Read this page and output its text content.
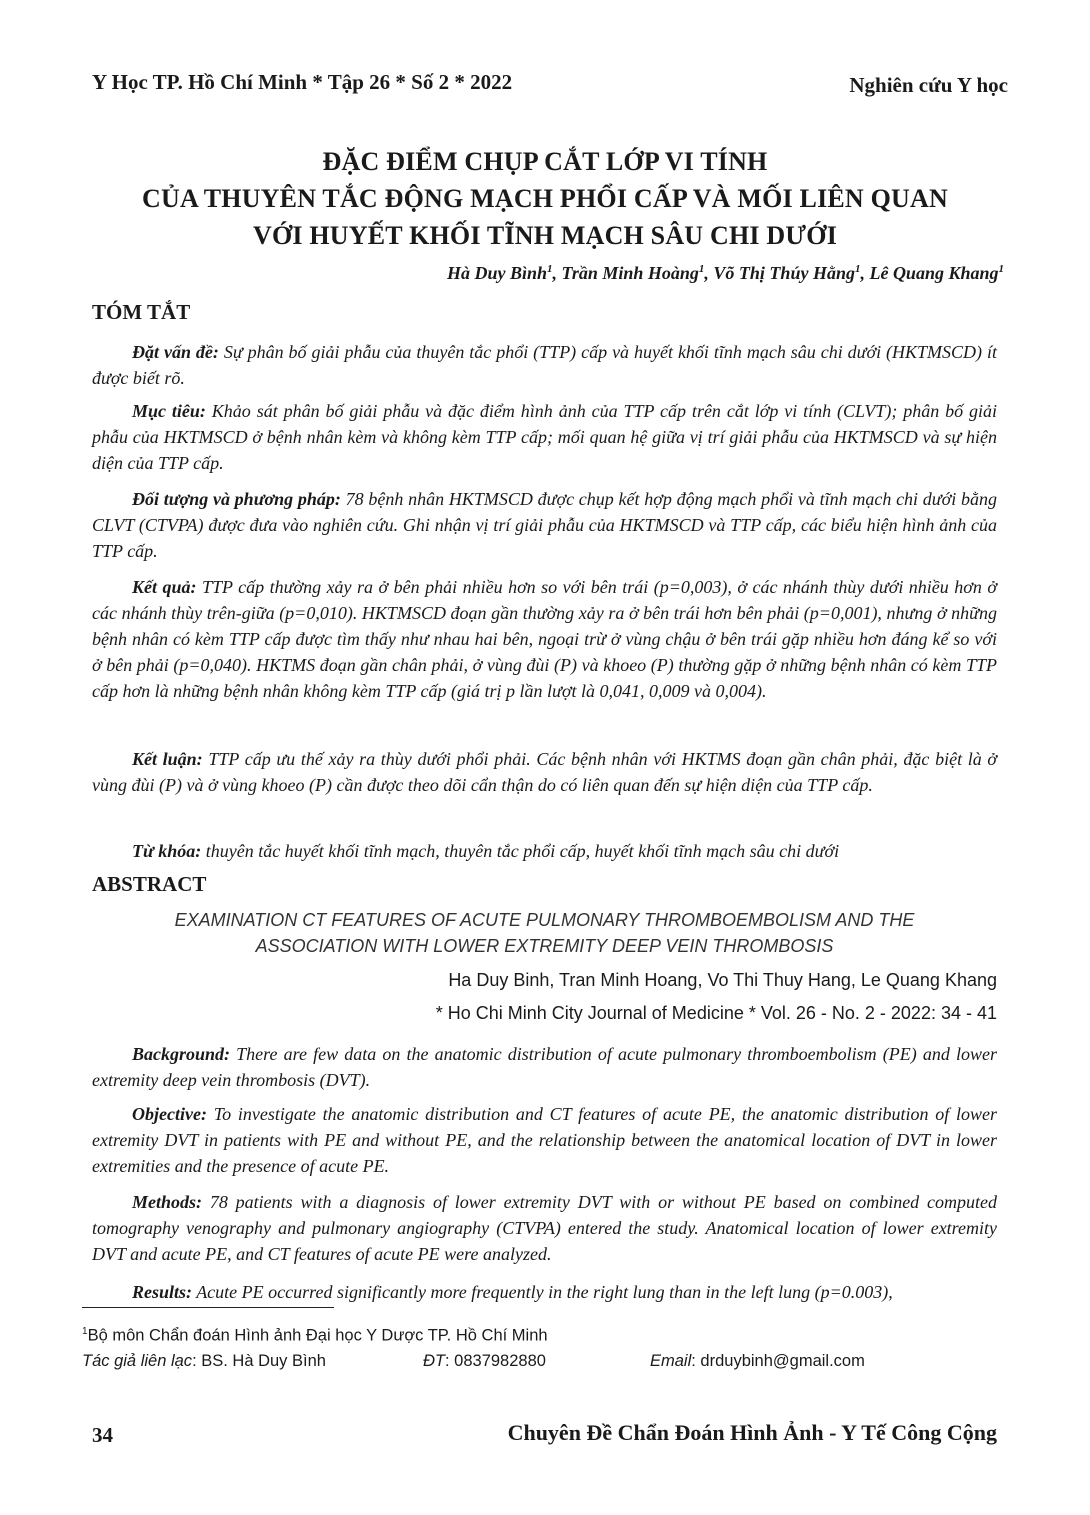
Y Học TP. Hồ Chí Minh * Tập 26 * Số 2 * 2022	Nghiên cứu Y học
ĐẶC ĐIỂM CHỤP CẮT LỚP VI TÍNH
CỦA THUYÊN TẮC ĐỘNG MẠCH PHỔI CẤP VÀ MỐI LIÊN QUAN
VỚI HUYẾT KHỐI TĨNH MẠCH SÂU CHI DƯỚI
Hà Duy Bình$^1$, Trần Minh Hoàng$^1$, Võ Thị Thúy Hằng$^1$, Lê Quang Khang$^1$
TÓM TẮT
Đặt vấn đề: Sự phân bố giải phẫu của thuyên tắc phổi (TTP) cấp và huyết khối tĩnh mạch sâu chi dưới (HKTMSCD) ít được biết rõ.
Mục tiêu: Khảo sát phân bố giải phẫu và đặc điểm hình ảnh của TTP cấp trên cắt lớp vi tính (CLVT); phân bố giải phẫu của HKTMSCD ở bệnh nhân kèm và không kèm TTP cấp; mối quan hệ giữa vị trí giải phẫu của HKTMSCD và sự hiện diện của TTP cấp.
Đối tượng và phương pháp: 78 bệnh nhân HKTMSCD được chụp kết hợp động mạch phổi và tĩnh mạch chi dưới bằng CLVT (CTVPA) được đưa vào nghiên cứu. Ghi nhận vị trí giải phẫu của HKTMSCD và TTP cấp, các biểu hiện hình ảnh của TTP cấp.
Kết quả: TTP cấp thường xảy ra ở bên phải nhiều hơn so với bên trái (p=0,003), ở các nhánh thùy dưới nhiều hơn ở các nhánh thùy trên-giữa (p=0,010). HKTMSCD đoạn gần thường xảy ra ở bên trái hơn bên phải (p=0,001), nhưng ở những bệnh nhân có kèm TTP cấp được tìm thấy như nhau hai bên, ngoại trừ ở vùng chậu ở bên trái gặp nhiều hơn đáng kể so với ở bên phải (p=0,040). HKTMS đoạn gần chân phải, ở vùng đùi (P) và khoeo (P) thường gặp ở những bệnh nhân có kèm TTP cấp hơn là những bệnh nhân không kèm TTP cấp (giá trị p lần lượt là 0,041, 0,009 và 0,004).
Kết luận: TTP cấp ưu thế xảy ra thùy dưới phổi phải. Các bệnh nhân với HKTMS đoạn gần chân phải, đặc biệt là ở vùng đùi (P) và ở vùng khoeo (P) cần được theo dõi cẩn thận do có liên quan đến sự hiện diện của TTP cấp.
Từ khóa: thuyên tắc huyết khối tĩnh mạch, thuyên tắc phổi cấp, huyết khối tĩnh mạch sâu chi dưới
ABSTRACT
EXAMINATION CT FEATURES OF ACUTE PULMONARY THROMBOEMBOLISM AND THE
ASSOCIATION WITH LOWER EXTREMITY DEEP VEIN THROMBOSIS
Ha Duy Binh, Tran Minh Hoang, Vo Thi Thuy Hang, Le Quang Khang
* Ho Chi Minh City Journal of Medicine * Vol. 26 - No. 2 - 2022: 34 - 41
Background: There are few data on the anatomic distribution of acute pulmonary thromboembolism (PE) and lower extremity deep vein thrombosis (DVT).
Objective: To investigate the anatomic distribution and CT features of acute PE, the anatomic distribution of lower extremity DVT in patients with PE and without PE, and the relationship between the anatomical location of DVT in lower extremities and the presence of acute PE.
Methods: 78 patients with a diagnosis of lower extremity DVT with or without PE based on combined computed tomography venography and pulmonary angiography (CTVPA) entered the study. Anatomical location of lower extremity DVT and acute PE, and CT features of acute PE were analyzed.
Results: Acute PE occurred significantly more frequently in the right lung than in the left lung (p=0.003),
$^1$Bộ môn Chẩn đoán Hình ảnh Đại học Y Dược TP. Hồ Chí Minh
Tác giả liên lạc: BS. Hà Duy Bình	ĐT: 0837982880	Email: drduybinh@gmail.com
34	Chuyên Đề Chẩn Đoán Hình Ảnh - Y Tế Công Cộng
